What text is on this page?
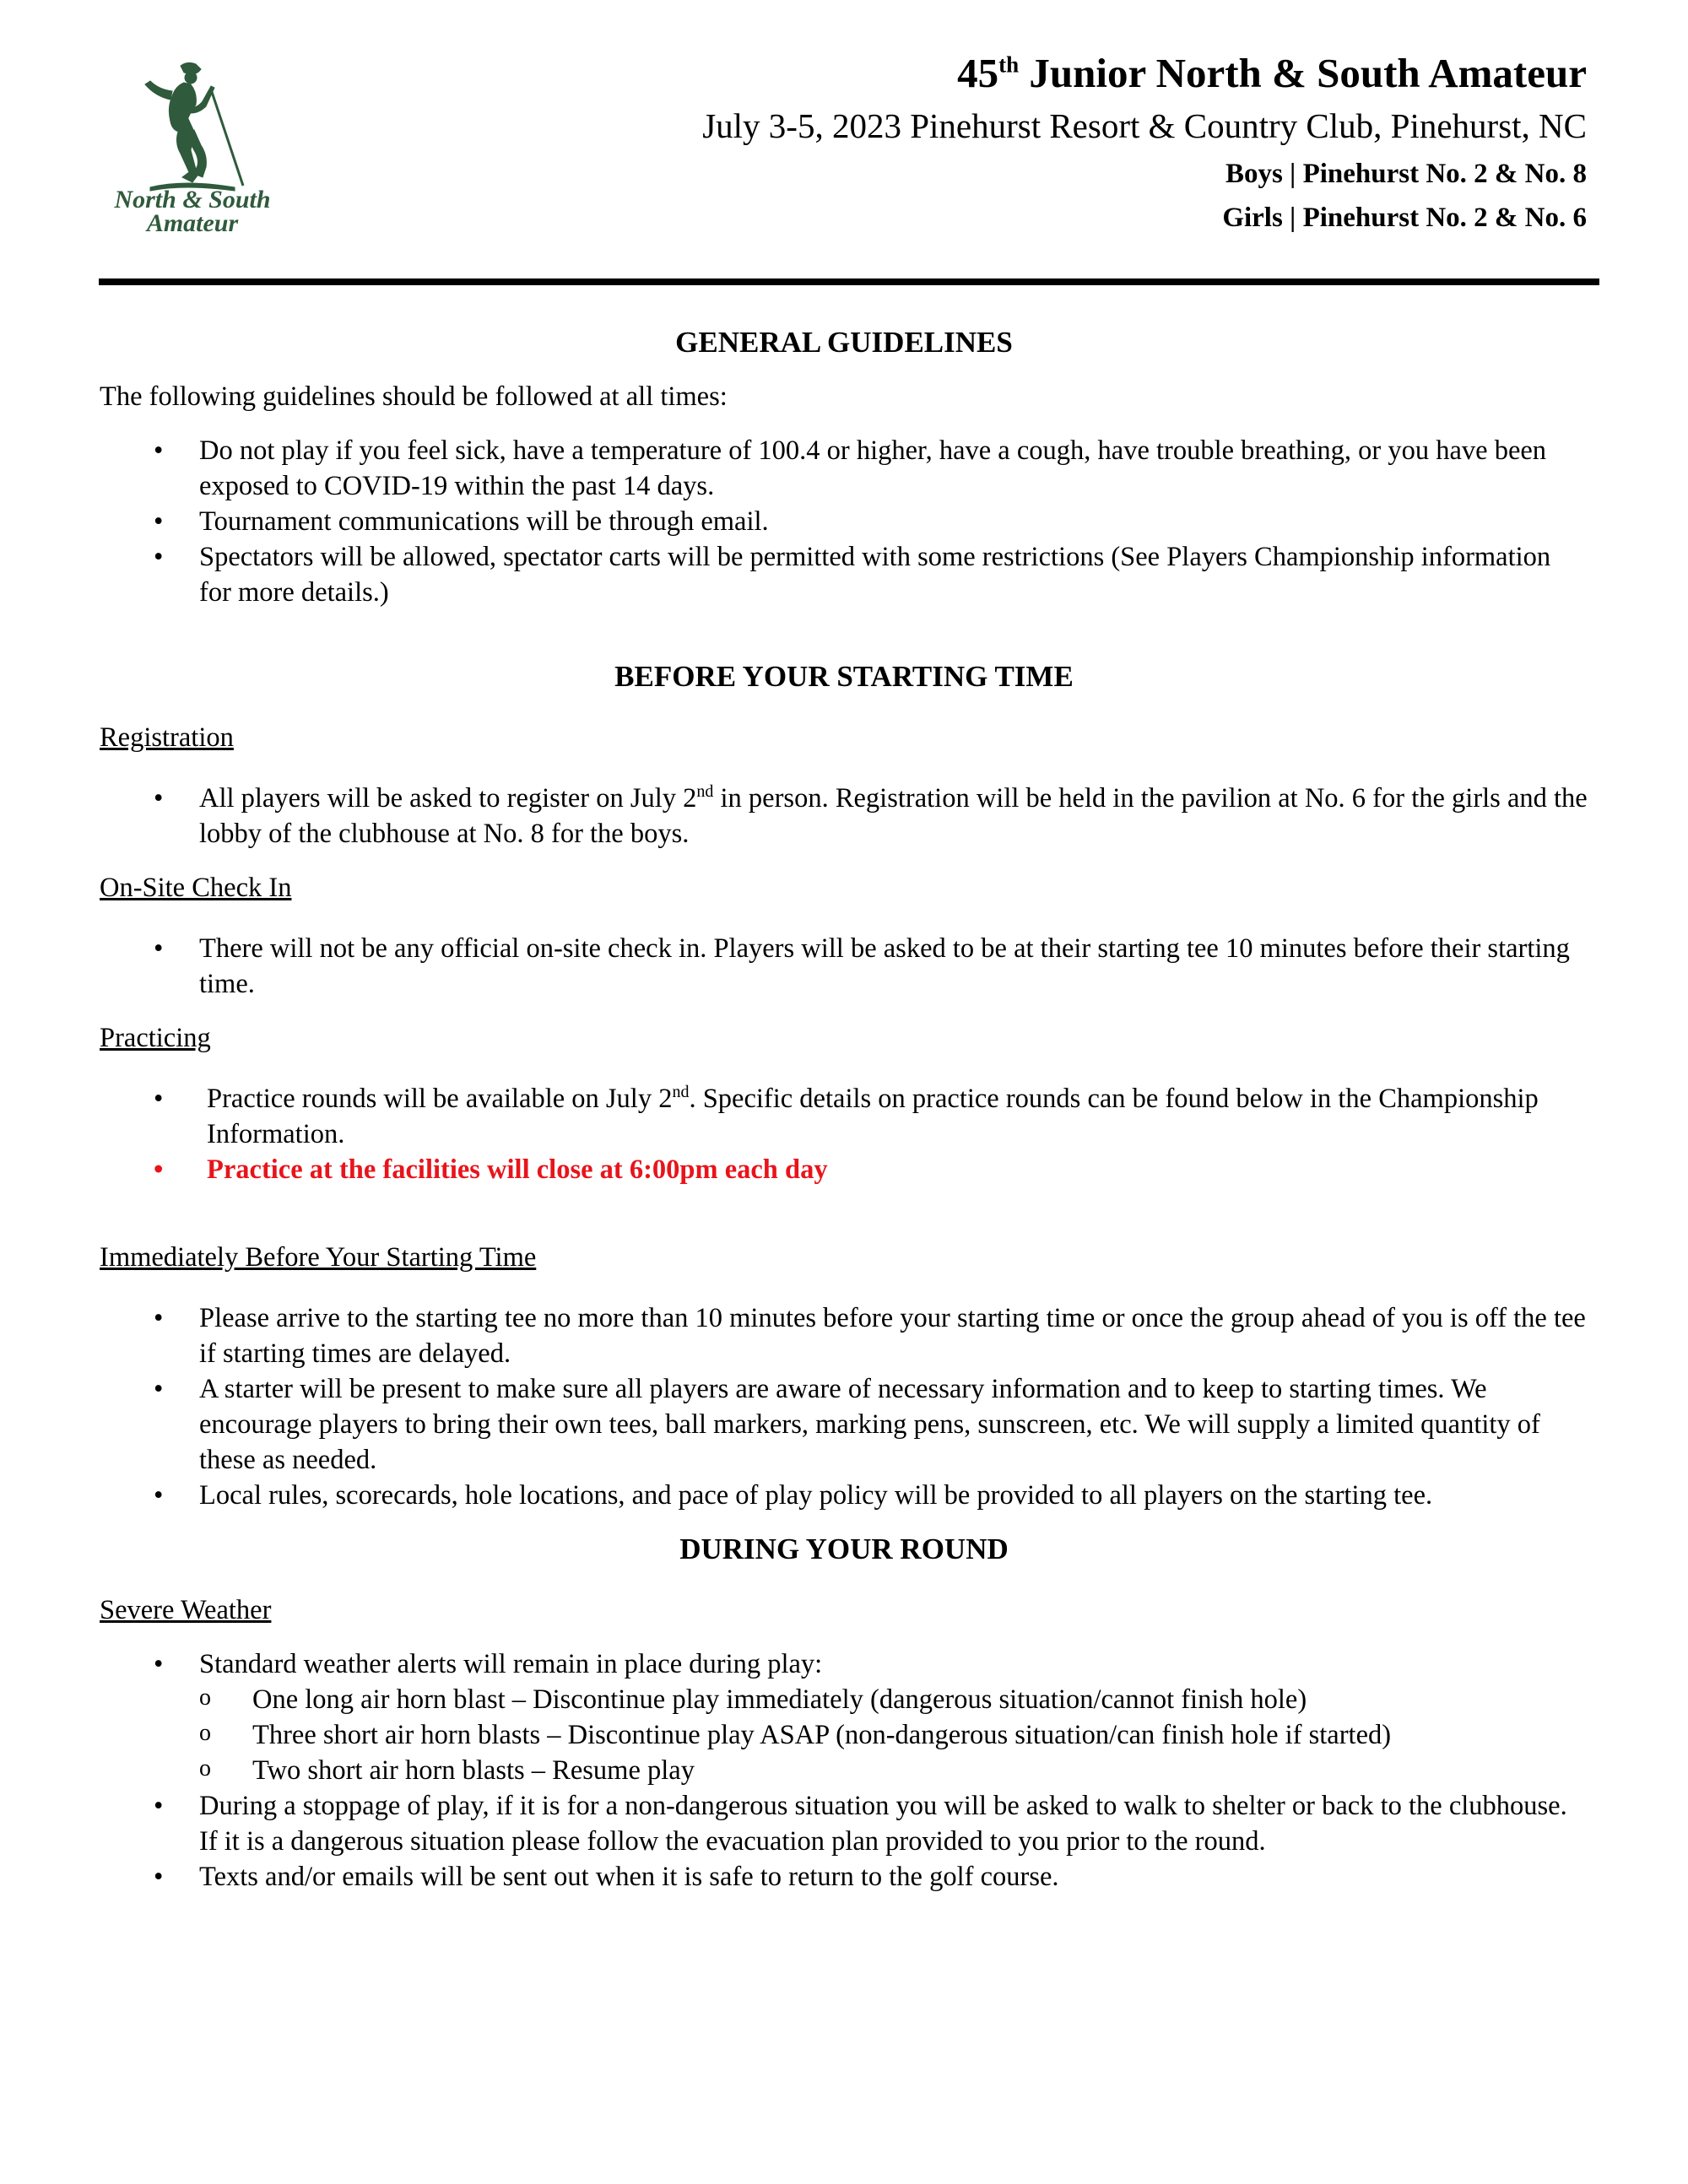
North & South
Amateur
45th Junior North & South Amateur
July 3-5, 2023 Pinehurst Resort & Country Club, Pinehurst, NC
Boys | Pinehurst No. 2 & No. 8
Girls | Pinehurst No. 2 & No. 6
GENERAL GUIDELINES

The following guidelines should be followed at all times:

• Do not play if you feel sick, have a temperature of 100.4 or higher, have a cough, have trouble breathing, or you have been exposed to COVID-19 within the past 14 days.
• Tournament communications will be through email.
• Spectators will be allowed, spectator carts will be permitted with some restrictions (See Players Championship information for more details.)
BEFORE YOUR STARTING TIME

Registration

• All players will be asked to register on July 2nd in person. Registration will be held in the pavilion at No. 6 for the girls and the lobby of the clubhouse at No. 8 for the boys.

On-Site Check In

• There will not be any official on-site check in. Players will be asked to be at their starting tee 10 minutes before their starting time.

Practicing

• Practice rounds will be available on July 2nd. Specific details on practice rounds can be found below in the Championship Information.
• Practice at the facilities will close at 6:00pm each day

Immediately Before Your Starting Time

• Please arrive to the starting tee no more than 10 minutes before your starting time or once the group ahead of you is off the tee if starting times are delayed.
• A starter will be present to make sure all players are aware of necessary information and to keep to starting times. We encourage players to bring their own tees, ball markers, marking pens, sunscreen, etc. We will supply a limited quantity of these as needed.
• Local rules, scorecards, hole locations, and pace of play policy will be provided to all players on the starting tee.
DURING YOUR ROUND

Severe Weather

• Standard weather alerts will remain in place during play:
o One long air horn blast – Discontinue play immediately (dangerous situation/cannot finish hole)
o Three short air horn blasts – Discontinue play ASAP (non-dangerous situation/can finish hole if started)
o Two short air horn blasts – Resume play
• During a stoppage of play, if it is for a non-dangerous situation you will be asked to walk to shelter or back to the clubhouse. If it is a dangerous situation please follow the evacuation plan provided to you prior to the round.
• Texts and/or emails will be sent out when it is safe to return to the golf course.
